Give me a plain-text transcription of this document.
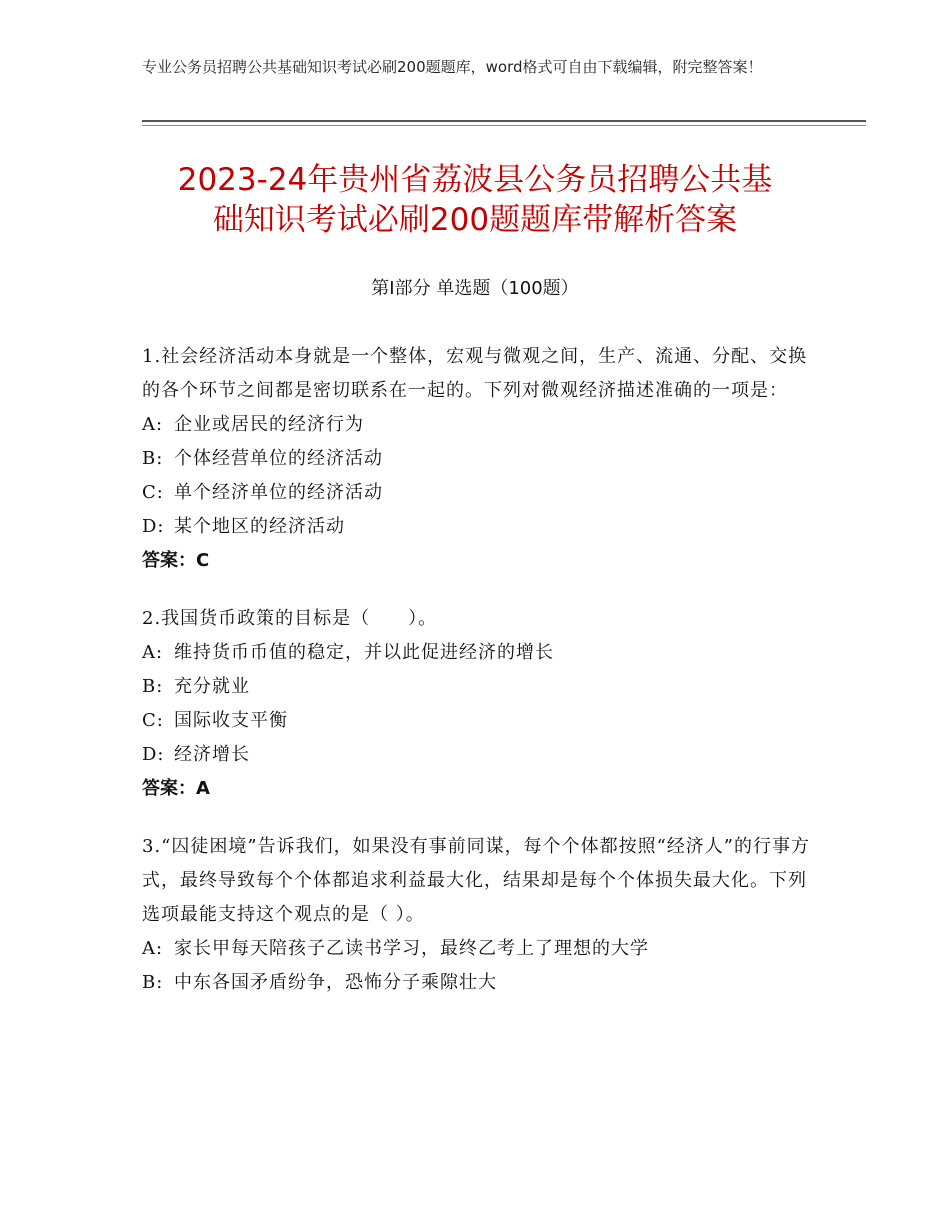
专业公务员招聘公共基础知识考试必刷200题题库，word格式可自由下载编辑，附完整答案！
2023-24年贵州省荔波县公务员招聘公共基
础知识考试必刷200题题库带解析答案
第Ⅰ部分 单选题（100题）
1.社会经济活动本身就是一个整体，宏观与微观之间，生产、流通、分配、交换的各个环节之间都是密切联系在一起的。下列对微观经济描述准确的一项是：
A: 企业或居民的经济行为
B: 个体经营单位的经济活动
C: 单个经济单位的经济活动
D: 某个地区的经济活动
答案：C
2.我国货币政策的目标是（　　）。
A: 维持货币币值的稳定，并以此促进经济的增长
B: 充分就业
C: 国际收支平衡
D: 经济增长
答案：A
3.“囚徒困境”告诉我们，如果没有事前同谋，每个个体都按照“经济人”的行事方式，最终导致每个个体都追求利益最大化，结果却是每个个体损失最大化。下列选项最能支持这个观点的是（ ）。
A: 家长甲每天陪孩子乙读书学习，最终乙考上了理想的大学
B: 中东各国矛盾纷争，恐怖分子乘隙壮大
